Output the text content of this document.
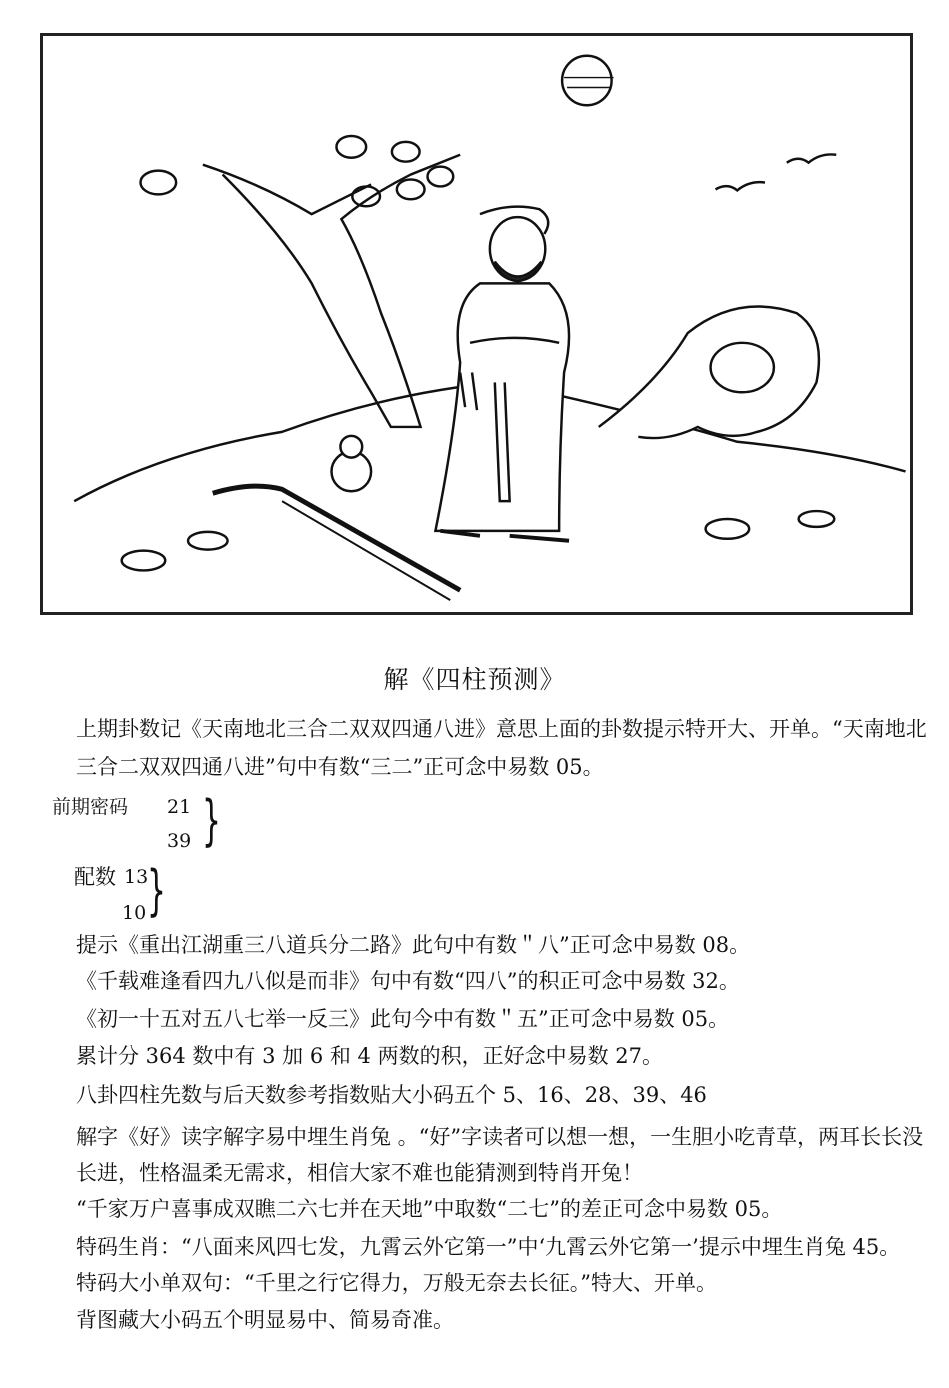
解《四柱预测》
上期卦数记《天南地北三合二双双四通八进》意思上面的卦数提示特开大、开单。“天南地北
三合二双双四通八进”句中有数“三二”正可念中易数 05。
前期密码 21
39 }
配数 13
10 }
提示《重出江湖重三八道兵分二路》此句中有数＂八”正可念中易数 08。
《千载难逢看四九八似是而非》句中有数“四八”的积正可念中易数 32。
《初一十五对五八七举一反三》此句今中有数＂五”正可念中易数 05。
累计分 364 数中有 3 加 6 和 4 两数的积，正好念中易数 27。
八卦四柱先数与后天数参考指数贴大小码五个 5、16、28、39、46
解字《好》读字解字易中埋生肖兔 。“好”字读者可以想一想，一生胆小吃青草，两耳长长没
长进，性格温柔无需求，相信大家不难也能猜测到特肖开兔！
“千家万户喜事成双瞧二六七并在天地”中取数“二七”的差正可念中易数 05。
特码生肖：“八面来风四七发，九霄云外它第一”中‘九霄云外它第一’提示中埋生肖兔 45。
特码大小单双句：“千里之行它得力，万般无奈去长征。”特大、开单。
背图藏大小码五个明显易中、简易奇准。
